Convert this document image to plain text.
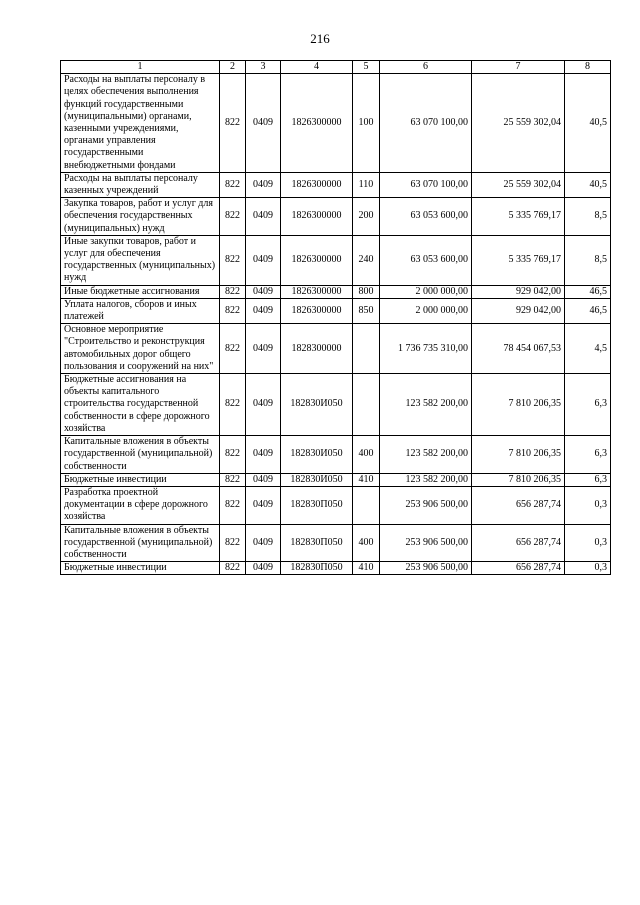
216
1	2	3	4	5	6	7	8
Расходы на выплаты персоналу в целях обеспечения выполнения функций государственными (муниципальными) органами, казенными учреждениями, органами управления государственными внебюджетными фондами	822	0409	1826300000	100	63 070 100,00	25 559 302,04	40,5
Расходы на выплаты персоналу казенных учреждений	822	0409	1826300000	110	63 070 100,00	25 559 302,04	40,5
Закупка товаров, работ и услуг для обеспечения государственных (муниципальных) нужд	822	0409	1826300000	200	63 053 600,00	5 335 769,17	8,5
Иные закупки товаров, работ и услуг для обеспечения государственных (муниципальных) нужд	822	0409	1826300000	240	63 053 600,00	5 335 769,17	8,5
Иные бюджетные ассигнования	822	0409	1826300000	800	2 000 000,00	929 042,00	46,5
Уплата налогов, сборов и иных платежей	822	0409	1826300000	850	2 000 000,00	929 042,00	46,5
Основное мероприятие "Строительство и реконструкция автомобильных дорог общего пользования и сооружений на них"	822	0409	1828300000		1 736 735 310,00	78 454 067,53	4,5
Бюджетные ассигнования на объекты капитального строительства государственной собственности в сфере дорожного хозяйства	822	0409	182830И050		123 582 200,00	7 810 206,35	6,3
Капитальные вложения в объекты государственной (муниципальной) собственности	822	0409	182830И050	400	123 582 200,00	7 810 206,35	6,3
Бюджетные инвестиции	822	0409	182830И050	410	123 582 200,00	7 810 206,35	6,3
Разработка проектной документации в сфере дорожного хозяйства	822	0409	182830П050		253 906 500,00	656 287,74	0,3
Капитальные вложения в объекты государственной (муниципальной) собственности	822	0409	182830П050	400	253 906 500,00	656 287,74	0,3
Бюджетные инвестиции	822	0409	182830П050	410	253 906 500,00	656 287,74	0,3
